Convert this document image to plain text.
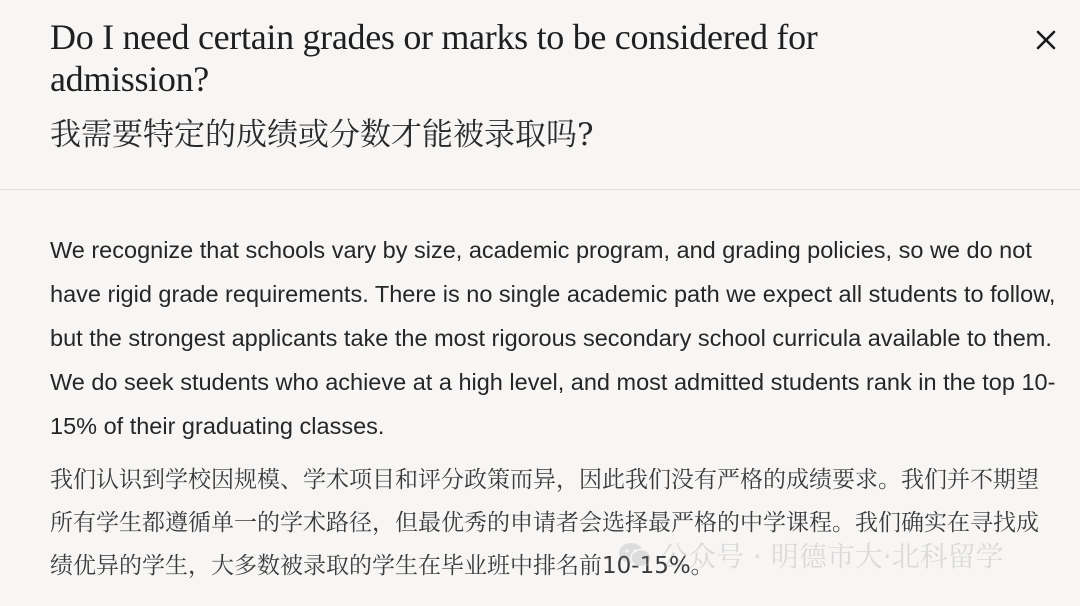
Do I need certain grades or marks to be considered for admission?
我需要特定的成绩或分数才能被录取吗?

We recognize that schools vary by size, academic program, and grading policies, so we do not have rigid grade requirements. There is no single academic path we expect all students to follow, but the strongest applicants take the most rigorous secondary school curricula available to them. We do seek students who achieve at a high level, and most admitted students rank in the top 10-15% of their graduating classes.

我们认识到学校因规模、学术项目和评分政策而异，因此我们没有严格的成绩要求。我们并不期望所有学生都遵循单一的学术路径，但最优秀的申请者会选择最严格的中学课程。我们确实在寻找成绩优异的学生，大多数被录取的学生在毕业班中排名前10-15%。

公众号 · 明德市大·北科留学
